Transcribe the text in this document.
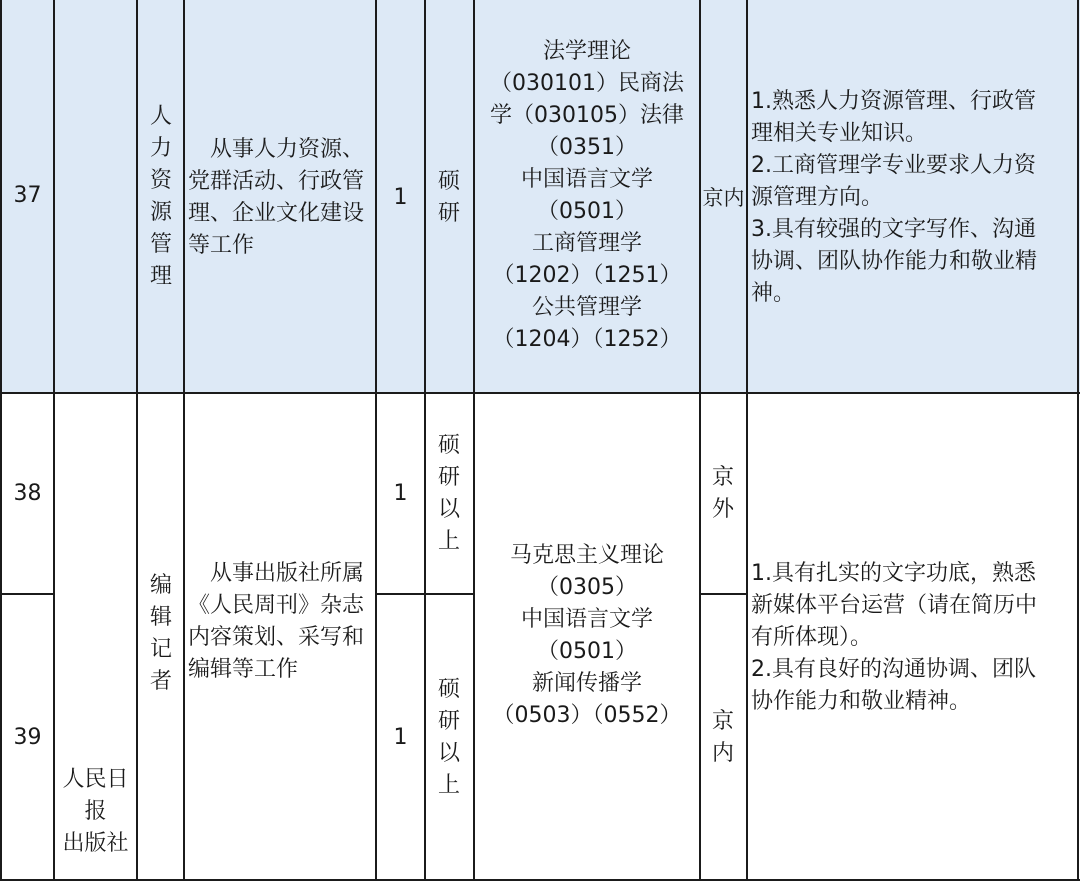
37
人力资源管理
　从事人力资源、党群活动、行政管理、企业文化建设等工作
1
硕研
法学理论
（030101）民商法
学（030105）法律
（0351）
中国语言文学
（0501）
工商管理学
（1202）（1251）
公共管理学
（1204）（1252）
京内
1.熟悉人力资源管理、行政管
理相关专业知识。
2.工商管理学专业要求人力资
源管理方向。
3.具有较强的文字写作、沟通
协调、团队协作能力和敬业精
神。
38	1
硕研以上
京外
39	1
硕研以上
京内
人民日
报
出版社
编辑记者
　从事出版社所属《人民周刊》杂志内容策划、采写和编辑等工作
马克思主义理论
（0305）
中国语言文学
（0501）
新闻传播学
（0503）（0552）
1.具有扎实的文字功底，熟悉
新媒体平台运营（请在简历中
有所体现）。
2.具有良好的沟通协调、团队
协作能力和敬业精神。
